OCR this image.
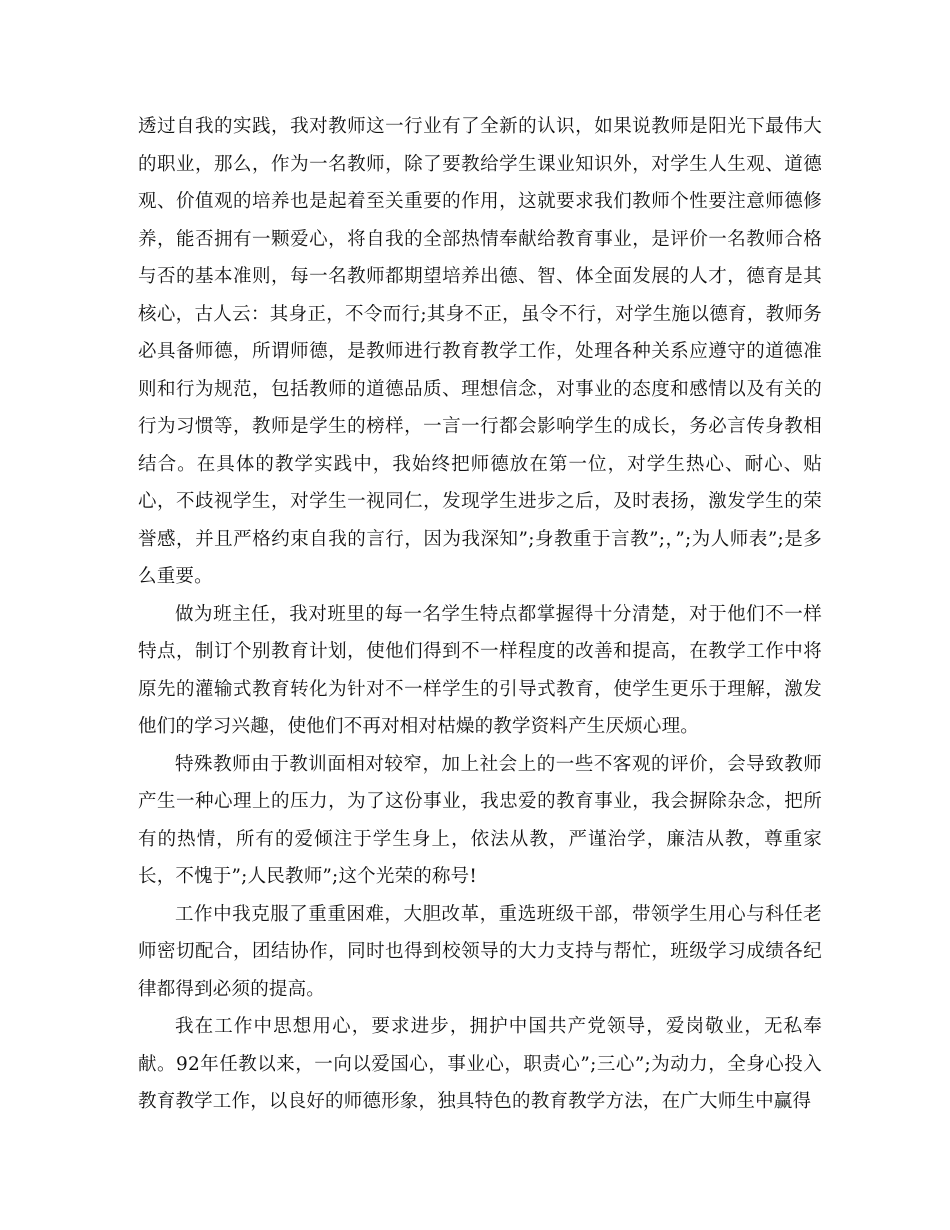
透过自我的实践，我对教师这一行业有了全新的认识，如果说教师是阳光下最伟大的职业，那么，作为一名教师，除了要教给学生课业知识外，对学生人生观、道德观、价值观的培养也是起着至关重要的作用，这就要求我们教师个性要注意师德修养，能否拥有一颗爱心，将自我的全部热情奉献给教育事业，是评价一名教师合格与否的基本准则，每一名教师都期望培养出德、智、体全面发展的人才，德育是其核心，古人云：其身正，不令而行;其身不正，虽令不行，对学生施以德育，教师务必具备师德，所谓师德，是教师进行教育教学工作，处理各种关系应遵守的道德准则和行为规范，包括教师的道德品质、理想信念，对事业的态度和感情以及有关的行为习惯等，教师是学生的榜样，一言一行都会影响学生的成长，务必言传身教相结合。在具体的教学实践中，我始终把师德放在第一位，对学生热心、耐心、贴心，不歧视学生，对学生一视同仁，发现学生进步之后，及时表扬，激发学生的荣誉感，并且严格约束自我的言行，因为我深知”;身教重于言教”;，”;为人师表”;是多么重要。

做为班主任，我对班里的每一名学生特点都掌握得十分清楚，对于他们不一样特点，制订个别教育计划，使他们得到不一样程度的改善和提高，在教学工作中将原先的灌输式教育转化为针对不一样学生的引导式教育，使学生更乐于理解，激发他们的学习兴趣，使他们不再对相对枯燥的教学资料产生厌烦心理。

特殊教师由于教训面相对较窄，加上社会上的一些不客观的评价，会导致教师产生一种心理上的压力，为了这份事业，我忠爱的教育事业，我会摒除杂念，把所有的热情，所有的爱倾注于学生身上，依法从教，严谨治学，廉洁从教，尊重家长，不愧于”;人民教师”;这个光荣的称号!

工作中我克服了重重困难，大胆改革，重选班级干部，带领学生用心与科任老师密切配合，团结协作，同时也得到校领导的大力支持与帮忙，班级学习成绩各纪律都得到必须的提高。

我在工作中思想用心，要求进步，拥护中国共产党领导，爱岗敬业，无私奉献。92年任教以来，一向以爱国心，事业心，职责心”;三心”;为动力，全身心投入教育教学工作，以良好的师德形象，独具特色的教育教学方法，在广大师生中赢得
